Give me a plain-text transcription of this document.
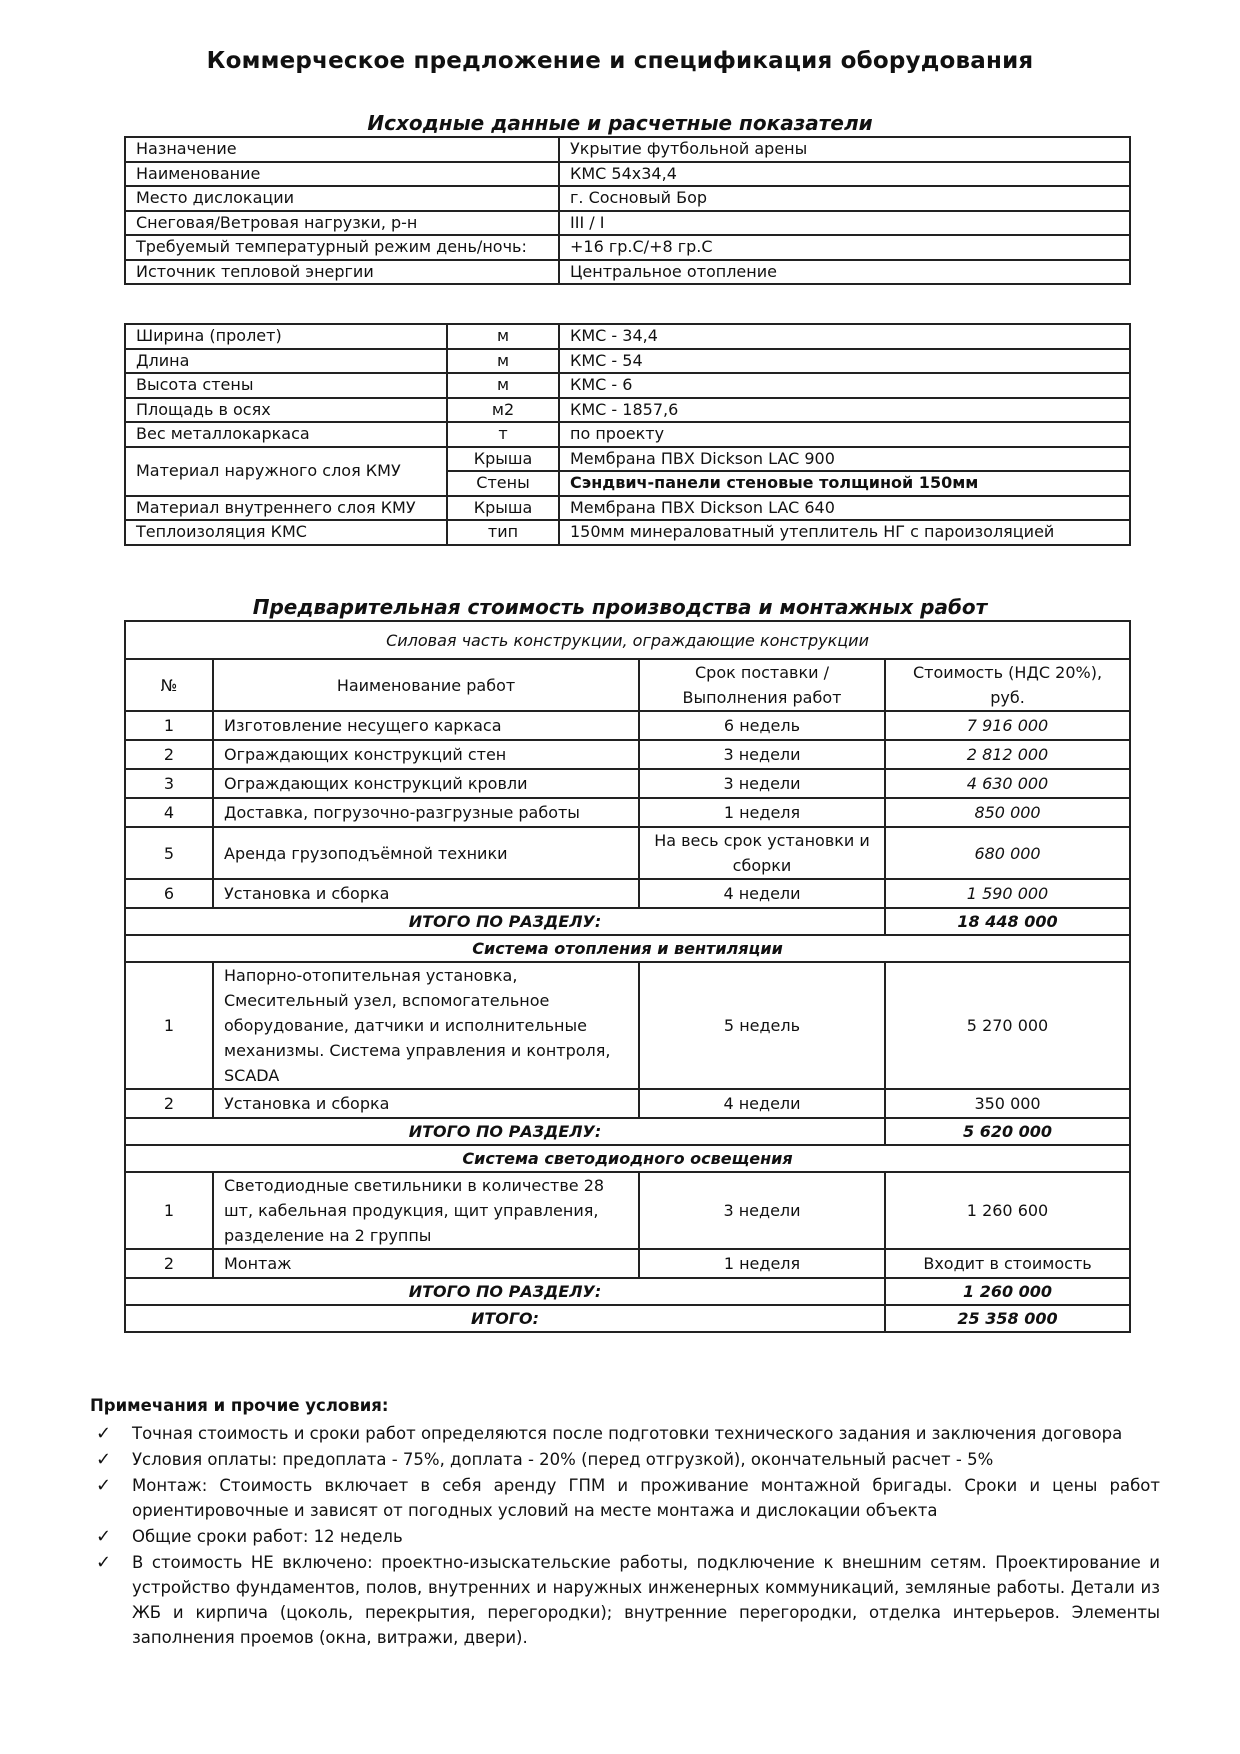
Коммерческое предложение и спецификация оборудования
Исходные данные и расчетные показатели
Назначение	Укрытие футбольной арены
Наименование	КМС 54х34,4
Место дислокации	г. Сосновый Бор
Снеговая/Ветровая нагрузки, р-н	III / I
Требуемый температурный режим день/ночь:	+16 гр.С/+8 гр.С
Источник тепловой энергии	Центральное отопление
Ширина (пролет)	м	КМС - 34,4
Длина	м	КМС - 54
Высота стены	м	КМС - 6
Площадь в осях	м2	КМС - 1857,6
Вес металлокаркаса	т	по проекту
Материал наружного слоя КМУ	Крыша	Мембрана ПВХ Dickson LAC 900
	Стены	Сэндвич-панели стеновые толщиной 150мм
Материал внутреннего слоя КМУ	Крыша	Мембрана ПВХ Dickson LAC 640
Теплоизоляция КМС	тип	150мм минераловатный утеплитель НГ с пароизоляцией
Предварительная стоимость производства и монтажных работ
Силовая часть конструкции, ограждающие конструкции			
№	Наименование работ	Срок поставки / Выполнения работ	Стоимость (НДС 20%), руб.
1	Изготовление несущего каркаса	6 недель	7 916 000
2	Ограждающих конструкций стен	3 недели	2 812 000
3	Ограждающих конструкций кровли	3 недели	4 630 000
4	Доставка, погрузочно-разгрузные работы	1 неделя	850 000
5	Аренда грузоподъёмной техники	На весь срок установки и сборки	680 000
6	Установка и сборка	4 недели	1 590 000
ИТОГО ПО РАЗДЕЛУ:			18 448 000
Система отопления и вентиляции			
1	Напорно-отопительная установка, Смесительный узел, вспомогательное оборудование, датчики и исполнительные механизмы. Система управления и контроля, SCADA	5 недель	5 270 000
2	Установка и сборка	4 недели	350 000
ИТОГО ПО РАЗДЕЛУ:			5 620 000
Система светодиодного освещения			
1	Светодиодные светильники в количестве 28 шт, кабельная продукция, щит управления, разделение на 2 группы	3 недели	1 260 600
2	Монтаж	1 неделя	Входит в стоимость
ИТОГО ПО РАЗДЕЛУ:			1 260 000
ИТОГО:			25 358 000
Примечания и прочие условия:
✓ Точная стоимость и сроки работ определяются после подготовки технического задания и заключения договора
✓ Условия оплаты: предоплата - 75%, доплата - 20% (перед отгрузкой), окончательный расчет - 5%
✓ Монтаж: Стоимость включает в себя аренду ГПМ и проживание монтажной бригады. Сроки и цены работ ориентировочные и зависят от погодных условий на месте монтажа и дислокации объекта
✓ Общие сроки работ: 12 недель
✓ В стоимость НЕ включено: проектно-изыскательские работы, подключение к внешним сетям. Проектирование и устройство фундаментов, полов, внутренних и наружных инженерных коммуникаций, земляные работы. Детали из ЖБ и кирпича (цоколь, перекрытия, перегородки); внутренние перегородки, отделка интерьеров. Элементы заполнения проемов (окна, витражи, двери).
